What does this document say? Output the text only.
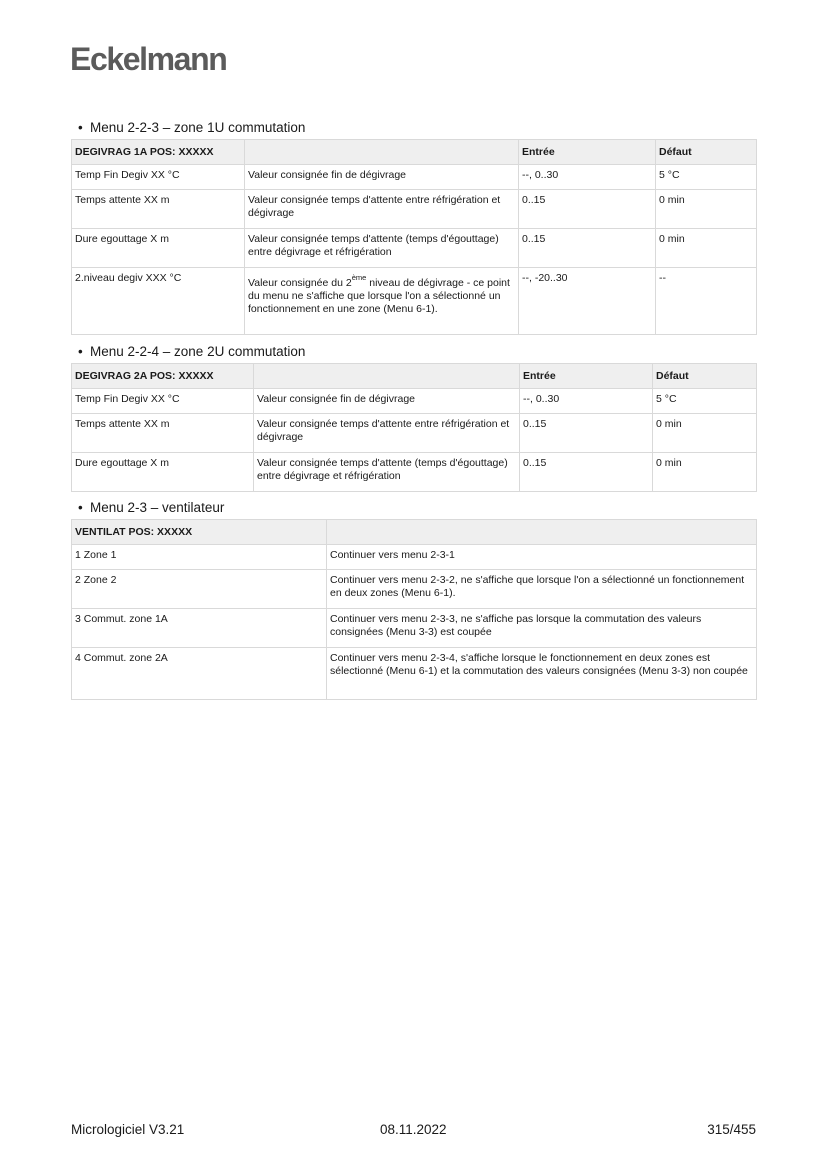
Eckelmann
• Menu 2-2-3 – zone 1U commutation
DEGIVRAG 1A POS: XXXXX		Entrée	Défaut
Temp Fin Degiv XX °C	Valeur consignée fin de dégivrage	--, 0..30	5 °C
Temps attente XX m	Valeur consignée temps d'attente entre réfrigération et dégivrage	0..15	0 min
Dure egouttage X m	Valeur consignée temps d'attente (temps d'égouttage) entre dégivrage et réfrigération	0..15	0 min
2.niveau degiv XXX °C	Valeur consignée du 2ème niveau de dégivrage - ce point du menu ne s'affiche que lorsque l'on a sélectionné un fonctionnement en une zone (Menu 6-1).	--, -20..30	--
• Menu 2-2-4 – zone 2U commutation
DEGIVRAG 2A POS: XXXXX		Entrée	Défaut
Temp Fin Degiv XX °C	Valeur consignée fin de dégivrage	--, 0..30	5 °C
Temps attente XX m	Valeur consignée temps d'attente entre réfrigération et dégivrage	0..15	0 min
Dure egouttage X m	Valeur consignée temps d'attente (temps d'égouttage) entre dégivrage et réfrigération	0..15	0 min
• Menu 2-3 – ventilateur
VENTILAT POS: XXXXX	
1 Zone 1	Continuer vers menu 2-3-1
2 Zone 2	Continuer vers menu 2-3-2, ne s'affiche que lorsque l'on a sélectionné un fonctionnement en deux zones (Menu 6-1).
3 Commut. zone 1A	Continuer vers menu 2-3-3, ne s'affiche pas lorsque la commutation des valeurs consignées (Menu 3-3) est coupée
4 Commut. zone 2A	Continuer vers menu 2-3-4, s'affiche lorsque le fonctionnement en deux zones est sélectionné (Menu 6-1) et la commutation des valeurs consignées (Menu 3-3) non coupée
Micrologiciel V3.21	08.11.2022	315/455
